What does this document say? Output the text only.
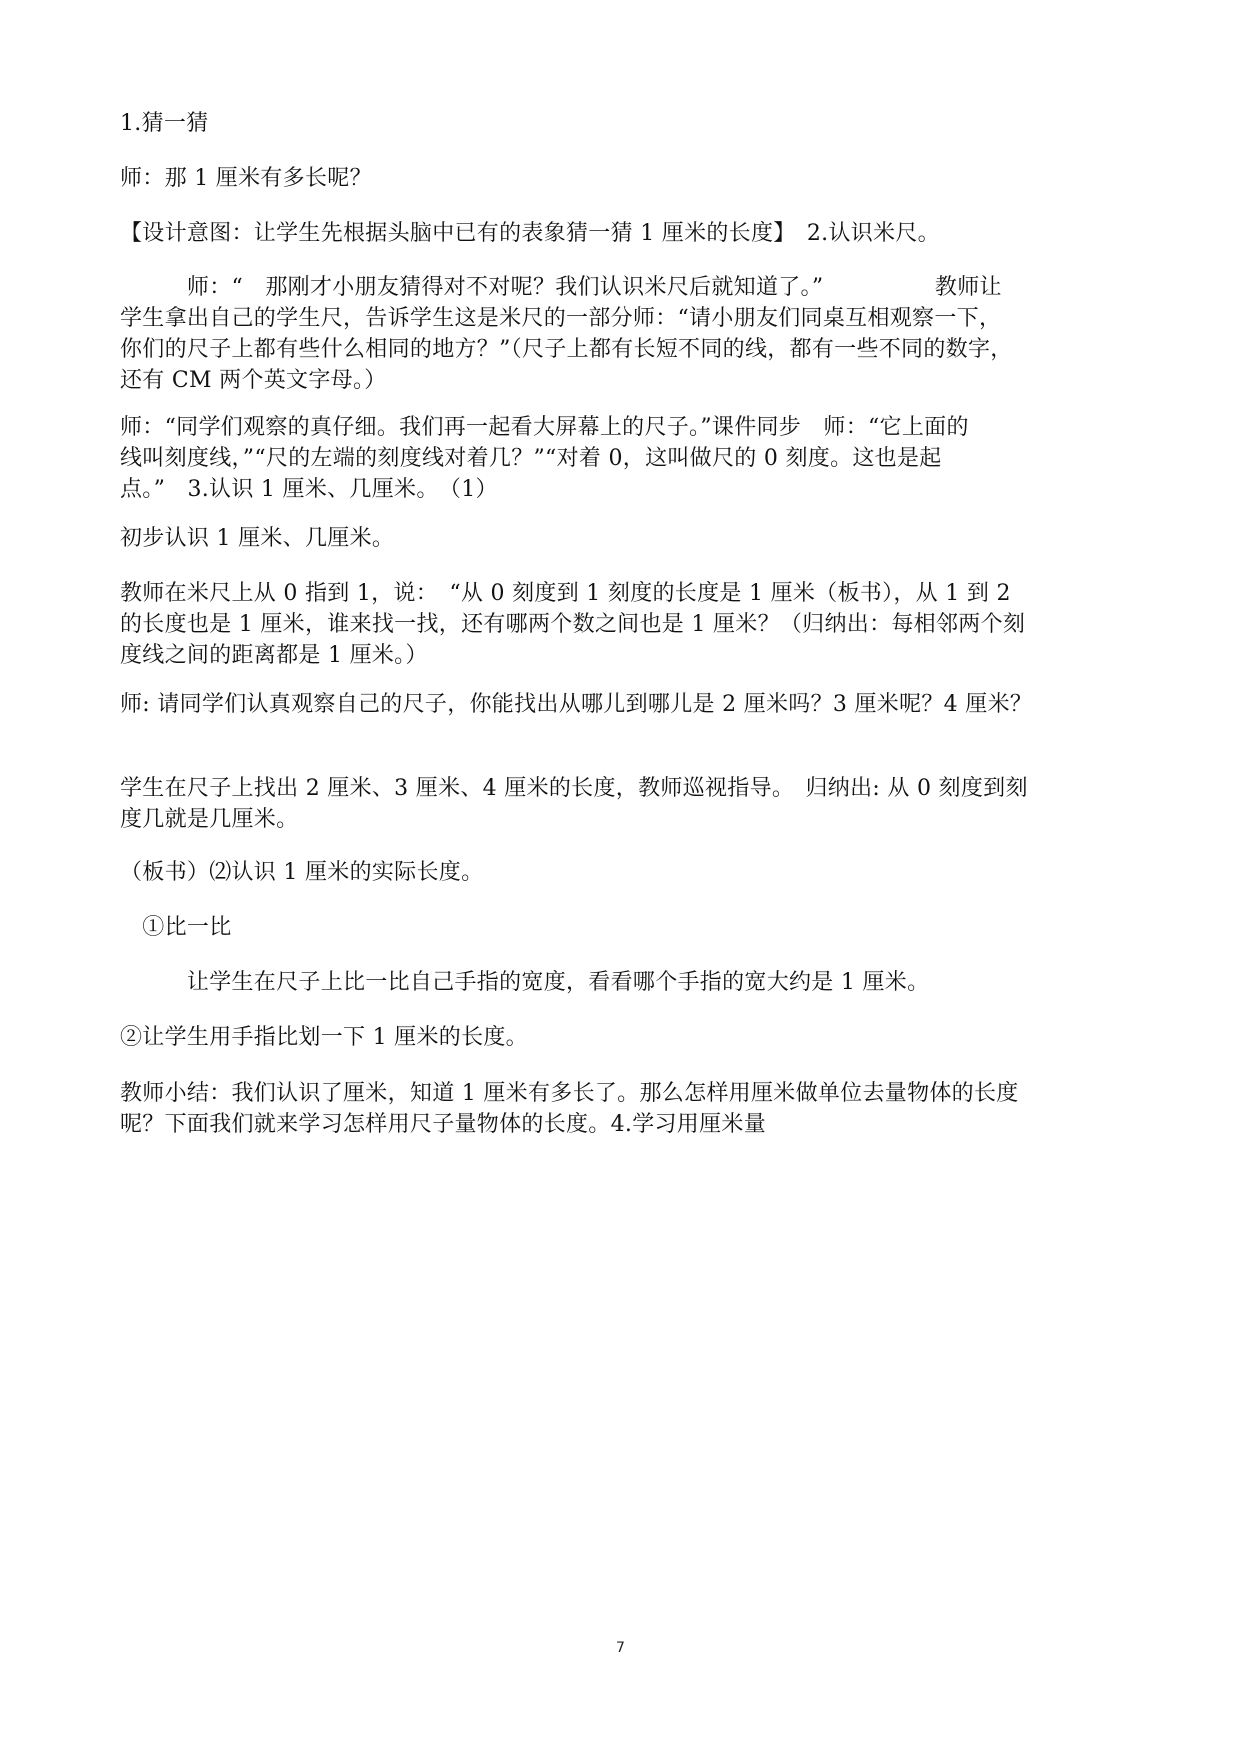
1.猜一猜
师：那 1 厘米有多长呢？
【设计意图：让学生先根据头脑中已有的表象猜一猜 1 厘米的长度】　2.认识米尺。
　　　师：“　那刚才小朋友猜得对不对呢？我们认识米尺后就知道了。”　　　　　教师让
学生拿出自己的学生尺，告诉学生这是米尺的一部分师：“请小朋友们同桌互相观察一下，
你们的尺子上都有些什么相同的地方？”（尺子上都有长短不同的线，都有一些不同的数字，
还有 CM 两个英文字母。）
师：“同学们观察的真仔细。我们再一起看大屏幕上的尺子。”课件同步　师：“它上面的
线叫刻度线，”“尺的左端的刻度线对着几？”“对着 0，这叫做尺的 0 刻度。这也是起
点。”　3.认识 1 厘米、几厘米。　（1）
初步认识 1 厘米、几厘米。
教师在米尺上从 0 指到 1，说：　“从 0 刻度到 1 刻度的长度是 1 厘米（板书），从 1 到 2
的长度也是 1 厘米，谁来找一找，还有哪两个数之间也是 1 厘米？（归纳出：每相邻两个刻
度线之间的距离都是 1 厘米。）
师: 请同学们认真观察自己的尺子，你能找出从哪儿到哪儿是 2 厘米吗？3 厘米呢？4 厘米？
学生在尺子上找出 2 厘米、3 厘米、4 厘米的长度，教师巡视指导。　归纳出: 从 0 刻度到刻
度几就是几厘米。
（板书）⑵认识 1 厘米的实际长度。
　①比一比
　　　让学生在尺子上比一比自己手指的宽度，看看哪个手指的宽大约是 1 厘米。
②让学生用手指比划一下 1 厘米的长度。
教师小结：我们认识了厘米，知道 1 厘米有多长了。那么怎样用厘米做单位去量物体的长度
呢？下面我们就来学习怎样用尺子量物体的长度。4.学习用厘米量
7
